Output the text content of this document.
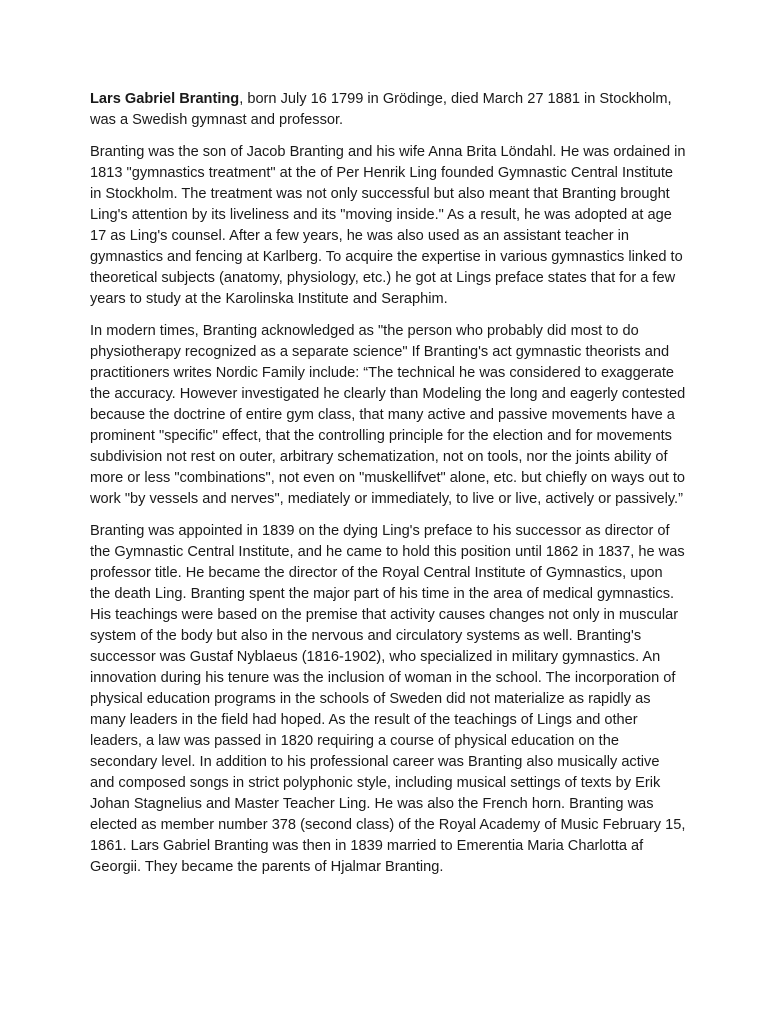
Lars Gabriel Branting, born July 16 1799 in Grödinge, died March 27 1881 in Stockholm, was a Swedish gymnast and professor.

Branting was the son of Jacob Branting and his wife Anna Brita Löndahl. He was ordained in 1813 "gymnastics treatment" at the of Per Henrik Ling founded Gymnastic Central Institute in Stockholm. The treatment was not only successful but also meant that Branting brought Ling's attention by its liveliness and its "moving inside." As a result, he was adopted at age 17 as Ling's counsel. After a few years, he was also used as an assistant teacher in gymnastics and fencing at Karlberg. To acquire the expertise in various gymnastics linked to theoretical subjects (anatomy, physiology, etc.) he got at Lings preface states that for a few years to study at the Karolinska Institute and Seraphim.

In modern times, Branting acknowledged as "the person who probably did most to do physiotherapy recognized as a separate science" If Branting's act gymnastic theorists and practitioners writes Nordic Family include: “The technical he was considered to exaggerate the accuracy. However investigated he clearly than Modeling the long and eagerly contested because the doctrine of entire gym class, that many active and passive movements have a prominent "specific" effect, that the controlling principle for the election and for movements subdivision not rest on outer, arbitrary schematization, not on tools, nor the joints ability of more or less "combinations", not even on "muskellifvet" alone, etc. but chiefly on ways out to work "by vessels and nerves", mediately or immediately, to live or live, actively or passively.”

Branting was appointed in 1839 on the dying Ling's preface to his successor as director of the Gymnastic Central Institute, and he came to hold this position until 1862 in 1837, he was professor title. He became the director of the Royal Central Institute of Gymnastics, upon the death Ling. Branting spent the major part of his time in the area of medical gymnastics. His teachings were based on the premise that activity causes changes not only in muscular system of the body but also in the nervous and circulatory systems as well. Branting's successor was Gustaf Nyblaeus (1816-1902), who specialized in military gymnastics. An innovation during his tenure was the inclusion of woman in the school. The incorporation of physical education programs in the schools of Sweden did not materialize as rapidly as many leaders in the field had hoped. As the result of the teachings of Lings and other leaders, a law was passed in 1820 requiring a course of physical education on the secondary level. In addition to his professional career was Branting also musically active and composed songs in strict polyphonic style, including musical settings of texts by Erik Johan Stagnelius and Master Teacher Ling. He was also the French horn. Branting was elected as member number 378 (second class) of the Royal Academy of Music February 15, 1861. Lars Gabriel Branting was then in 1839 married to Emerentia Maria Charlotta af Georgii. They became the parents of Hjalmar Branting.
